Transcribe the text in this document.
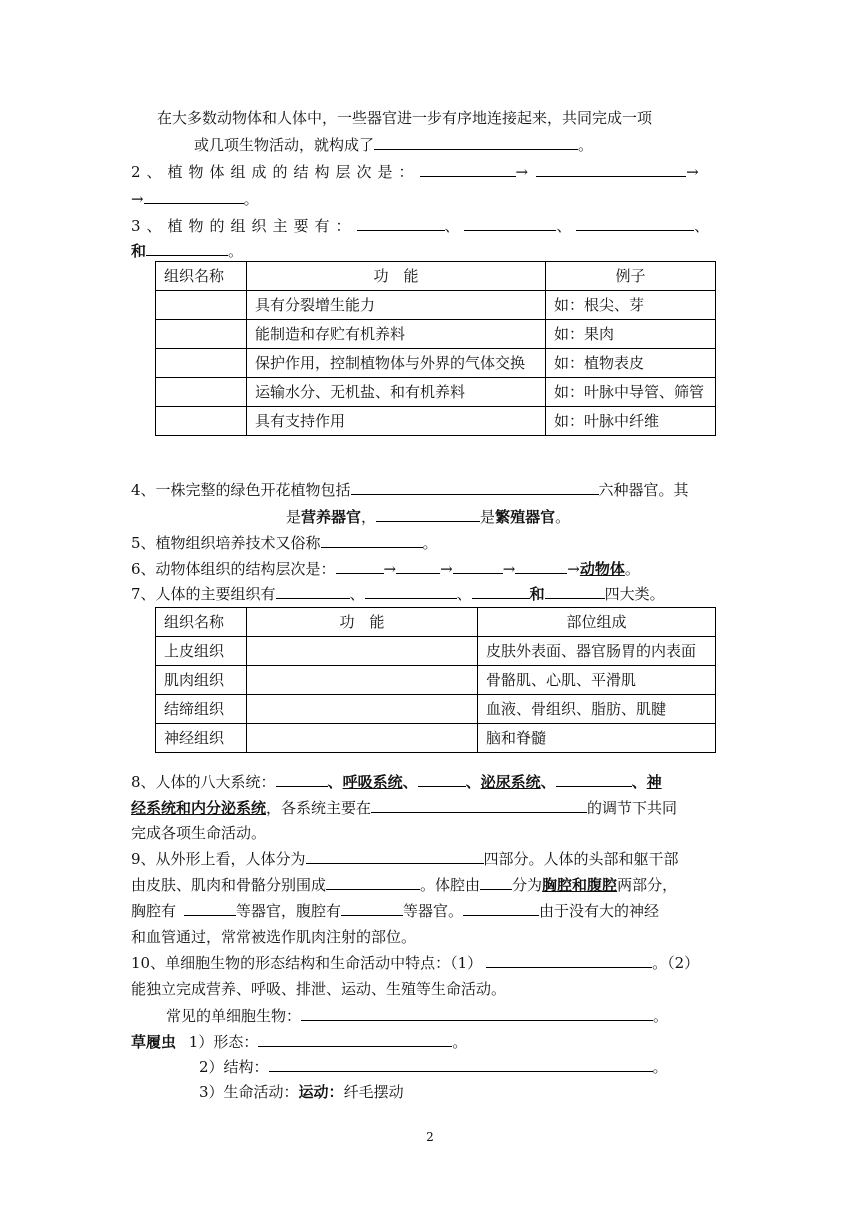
在大多数动物体和人体中，一些器官进一步有序地连接起来，共同完成一项
或几项生物活动，就构成了	。
2、植物体组成的结构层次是：	→	→
→	。
3、植物的组织主要有：	、	、	、
和	。
组织名称	功　能	例子
	具有分裂增生能力	如：根尖、芽
	能制造和存贮有机养料	如：果肉
	保护作用，控制植物体与外界的气体交换	如：植物表皮
	运输水分、无机盐、和有机养料	如：叶脉中导管、筛管
	具有支持作用	如：叶脉中纤维
4、一株完整的绿色开花植物包括	六种器官。其
是营养器官，	是繁殖器官。
5、植物组织培养技术又俗称	。
6、动物体组织的结构层次是：	→	→	→	→动物体。
7、人体的主要组织有	、	、	和	四大类。
组织名称	功　能	部位组成
上皮组织		皮肤外表面、器官肠胃的内表面
肌肉组织		骨骼肌、心肌、平滑肌
结缔组织		血液、骨组织、脂肪、肌腱
神经组织		脑和脊髓
8、人体的八大系统：	、呼吸系统、	、泌尿系统、	、神
经系统和内分泌系统，各系统主要在	的调节下共同
完成各项生命活动。
9、从外形上看，人体分为	四部分。人体的头部和躯干部
由皮肤、肌肉和骨骼分别围成	。体腔由 分为胸腔和腹腔两部分，
胸腔有	等器官，腹腔有	等器官。	由于没有大的神经
和血管通过，常常被选作肌肉注射的部位。
10、单细胞生物的形态结构和生命活动中特点：（1）	。（2）
能独立完成营养、呼吸、排泄、运动、生殖等生命活动。
常见的单细胞生物：	。
草履虫 1）形态：	。
2）结构：	。
3）生命活动：运动：纤毛摆动
2
